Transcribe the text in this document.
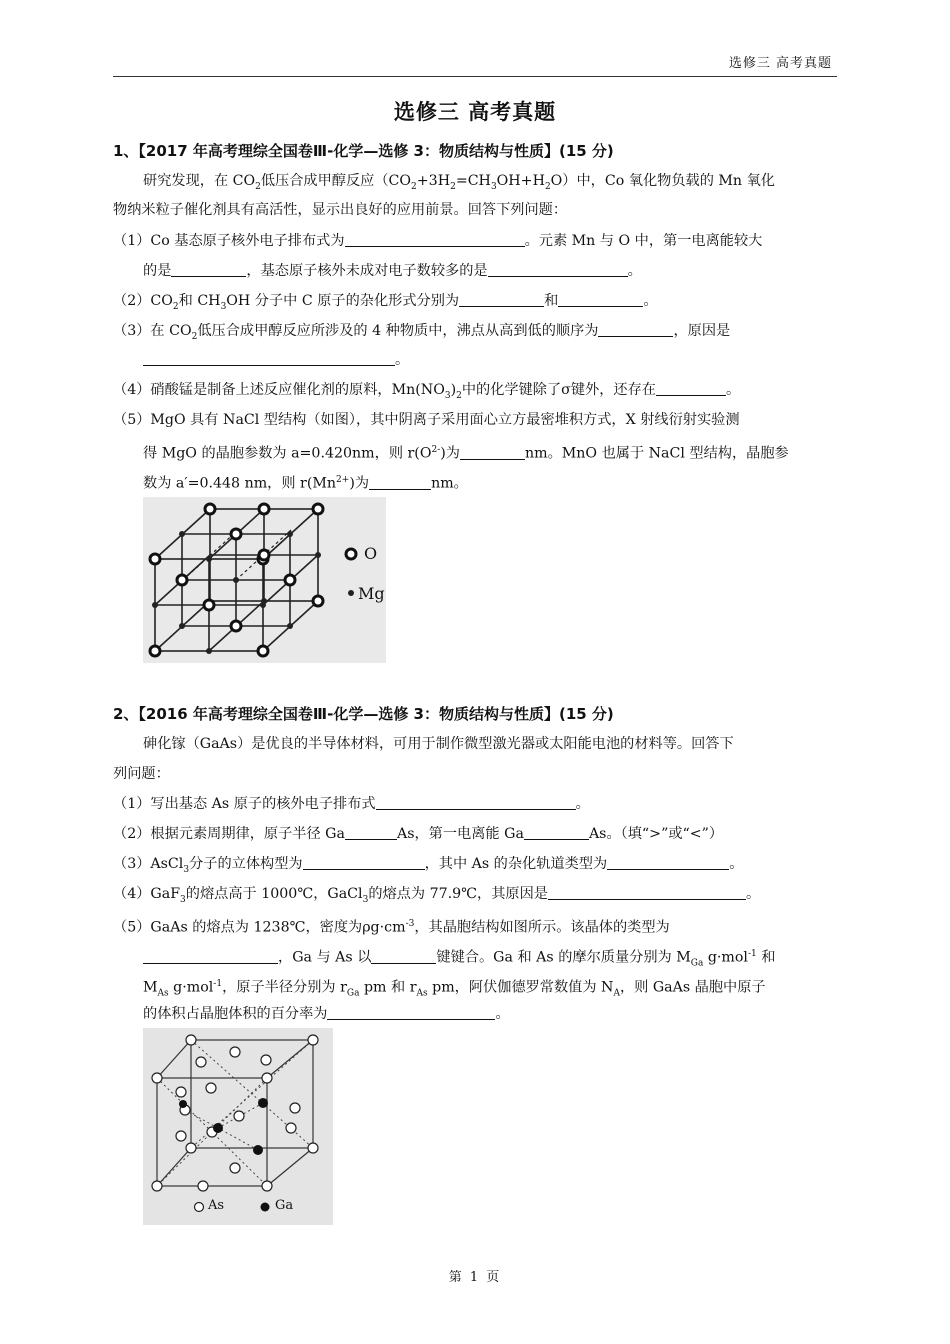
选修三 高考真题
选修三 高考真题
1、【2017 年高考理综全国卷Ⅲ-化学—选修 3：物质结构与性质】(15 分)
研究发现，在 $CO_2$低压合成甲醇反应$(CO_2+3H_2=CH_3OH+H_2O)$中，Co 氧化物负载的 Mn 氧化
物纳米粒子催化剂具有高活性，显示出良好的应用前景。回答下列问题：
（1）Co 基态原子核外电子排布式为	。元素 Mn 与 O 中，第一电离能较大
的是	，基态原子核外未成对电子数较多的是	。
$(2)CO_2$和 $CH_3OH$ 分子中 C 原子的杂化形式分别为	和	。
（3）在 $CO_2$低压合成甲醇反应所涉及的 4 种物质中，沸点从高到低的顺序为	，原因是
。
（4）硝酸锰是制备上述反应催化剂的原料，$Mn(NO_3)_2$中的化学键除了σ键外，还存在	。
（5）MgO 具有 NaCl 型结构（如图），其中阴离子采用面心立方最密堆积方式，X 射线衍射实验测
得 MgO 的晶胞参数为 a=0.420nm，则 $r(O^{2-})$为	nm。MnO 也属于 NaCl 型结构，晶胞参
数为 a′=0.448 nm，则 $r(Mn^{2+})$为	nm。
O
Mg
2、【2016 年高考理综全国卷Ⅲ-化学—选修 3：物质结构与性质】(15 分)
砷化镓（GaAs）是优良的半导体材料，可用于制作微型激光器或太阳能电池的材料等。回答下
列问题：
（1）写出基态 As 原子的核外电子排布式	。
（2）根据元素周期律，原子半径 Ga	As，第一电离能 Ga	As。（填“>”或“<”）
（3）AsCl$_3$分子的立体构型为	，其中 As 的杂化轨道类型为	。
（4）GaF$_3$的熔点高于 1000℃，GaCl$_3$的熔点为 77.9℃，其原因是	。
（5）GaAs 的熔点为 1238℃，密度为$\rho g\cdot cm^{-3}$，其晶胞结构如图所示。该晶体的类型为
，Ga 与 As 以	键键合。Ga 和 As 的摩尔质量分别为 $M_{Ga}$ g·mol$^{-1}$ 和
$M_{As}$ g·mol$^{-1}$，原子半径分别为 $r_{Ga}$ pm 和 $r_{As}$ pm，阿伏伽德罗常数值为 $N_A$，则 GaAs 晶胞中原子
的体积占晶胞体积的百分率为	。
As	Ga
第 1 页
